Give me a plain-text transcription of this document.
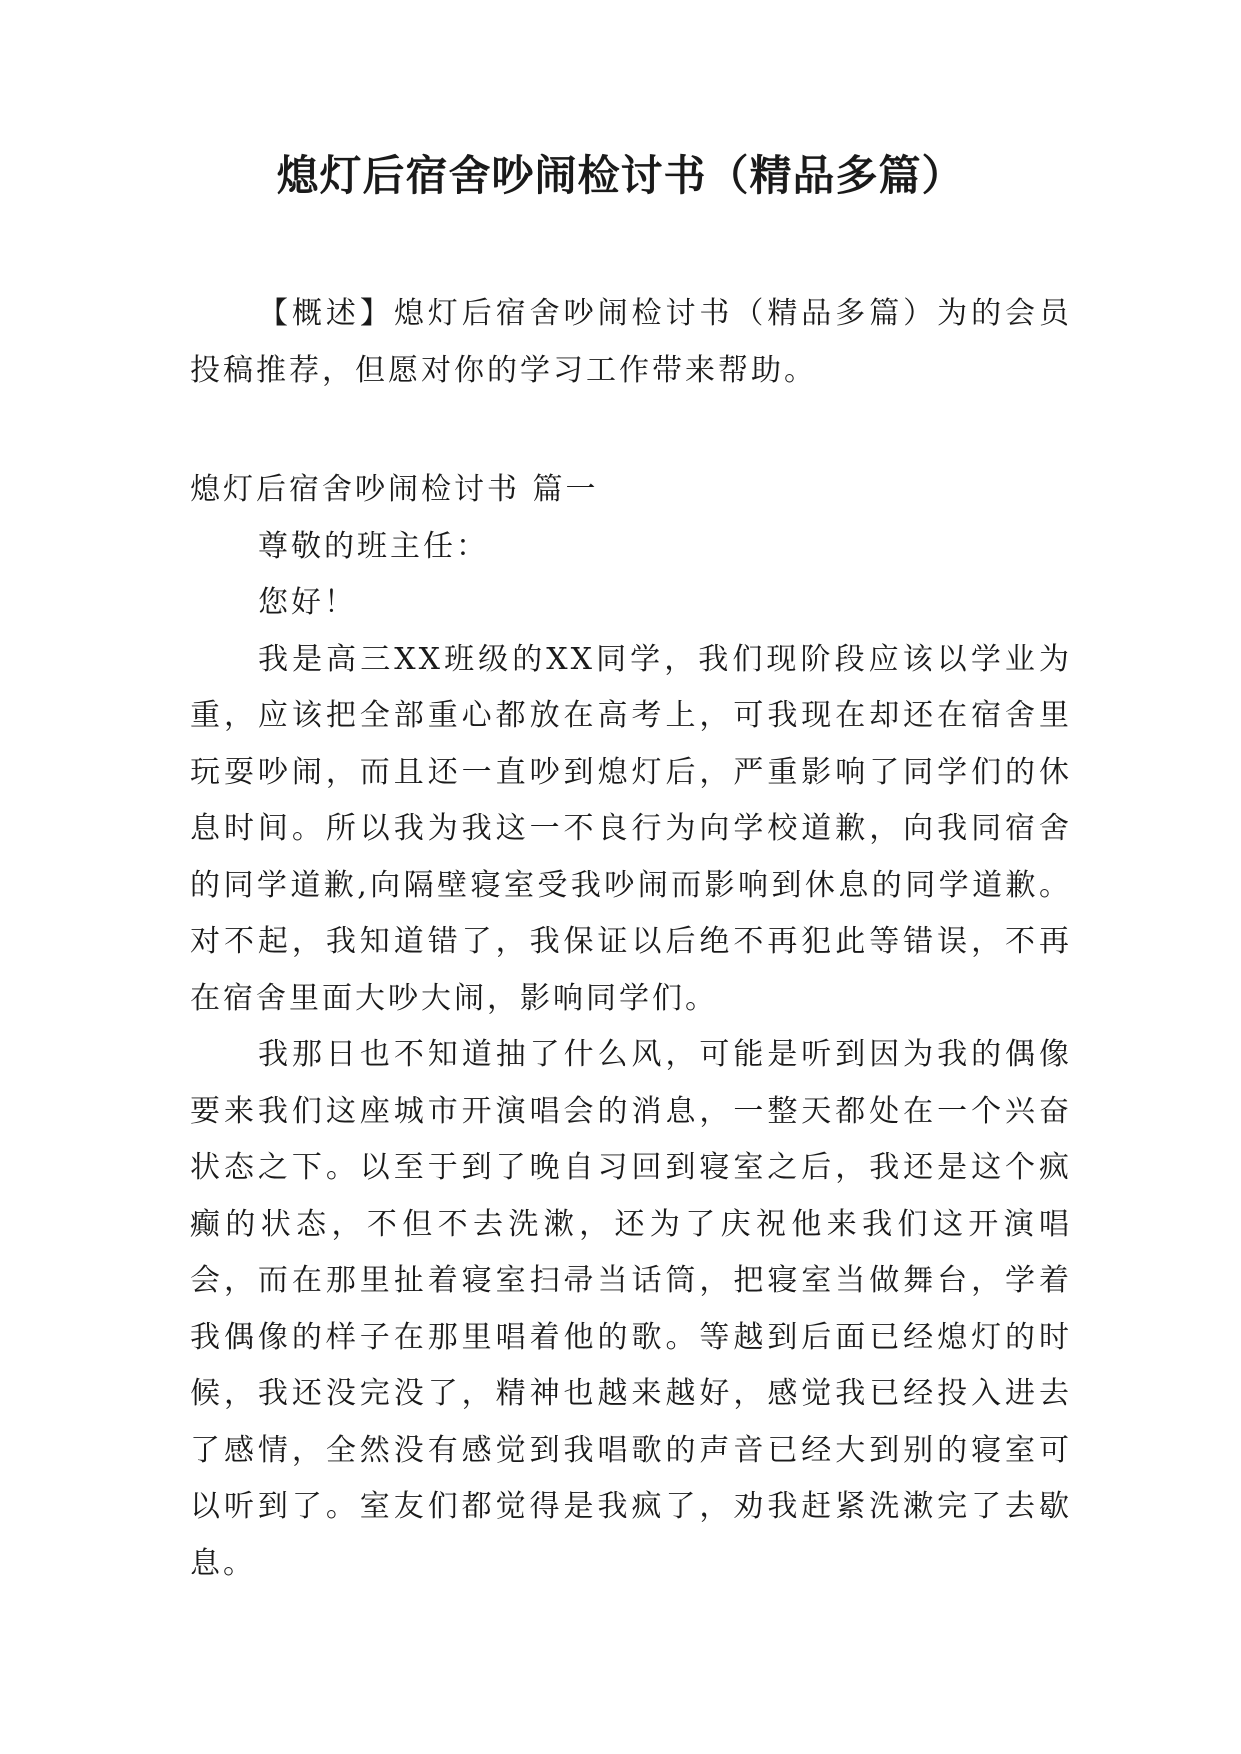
熄灯后宿舍吵闹检讨书（精品多篇）

【概述】熄灯后宿舍吵闹检讨书（精品多篇）为的会员投稿推荐，但愿对你的学习工作带来帮助。

熄灯后宿舍吵闹检讨书 篇一

尊敬的班主任：

您好！

我是高三XX班级的XX同学，我们现阶段应该以学业为重，应该把全部重心都放在高考上，可我现在却还在宿舍里玩耍吵闹，而且还一直吵到熄灯后，严重影响了同学们的休息时间。所以我为我这一不良行为向学校道歉，向我同宿舍的同学道歉,向隔壁寝室受我吵闹而影响到休息的同学道歉。对不起，我知道错了，我保证以后绝不再犯此等错误，不再在宿舍里面大吵大闹，影响同学们。

我那日也不知道抽了什么风，可能是听到因为我的偶像要来我们这座城市开演唱会的消息，一整天都处在一个兴奋状态之下。以至于到了晚自习回到寝室之后，我还是这个疯癫的状态，不但不去洗漱，还为了庆祝他来我们这开演唱会，而在那里扯着寝室扫帚当话筒，把寝室当做舞台，学着我偶像的样子在那里唱着他的歌。等越到后面已经熄灯的时候，我还没完没了，精神也越来越好，感觉我已经投入进去了感情，全然没有感觉到我唱歌的声音已经大到别的寝室可以听到了。室友们都觉得是我疯了，劝我赶紧洗漱完了去歇息。
